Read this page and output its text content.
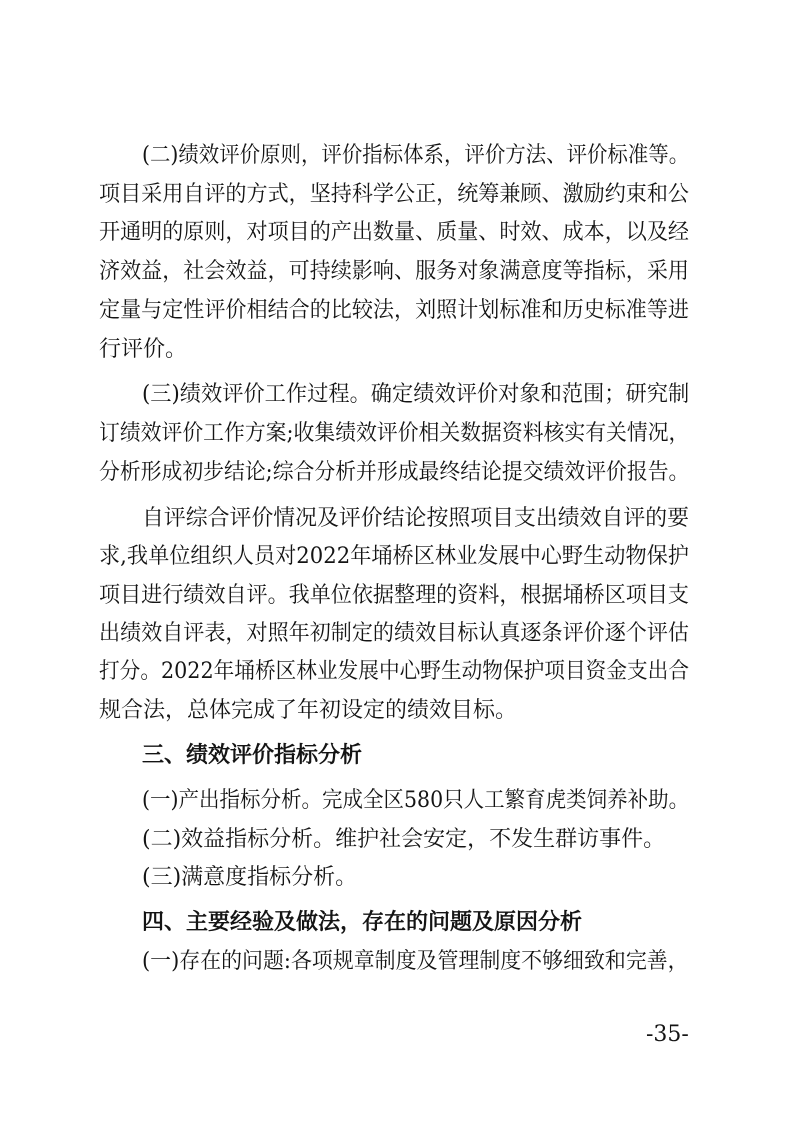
(二)绩效评价原则，评价指标体系，评价方法、评价标准等。
项目采用自评的方式，坚持科学公正，统筹兼顾、激励约束和公
开通明的原则，对项目的产出数量、质量、时效、成本，以及经
济效益，社会效益，可持续影响、服务对象满意度等指标，采用
定量与定性评价相结合的比较法，刘照计划标准和历史标准等进
行评价。
(三)绩效评价工作过程。确定绩效评价对象和范围；研究制
订绩效评价工作方案;收集绩效评价相关数据资料核实有关情况，
分析形成初步结论;综合分析并形成最终结论提交绩效评价报告。
自评综合评价情况及评价结论按照项目支出绩效自评的要
求,我单位组织人员对2022年埇桥区林业发展中心野生动物保护
项目进行绩效自评。我单位依据整理的资料，根据埇桥区项目支
出绩效自评表，对照年初制定的绩效目标认真逐条评价逐个评估
打分。2022年埇桥区林业发展中心野生动物保护项目资金支出合
规合法，总体完成了年初设定的绩效目标。
三、绩效评价指标分析
(一)产出指标分析。完成全区580只人工繁育虎类饲养补助。
(二)效益指标分析。维护社会安定，不发生群访事件。
(三)满意度指标分析。
四、主要经验及做法，存在的问题及原因分析
(一)存在的问题:各项规章制度及管理制度不够细致和完善，
-35-
